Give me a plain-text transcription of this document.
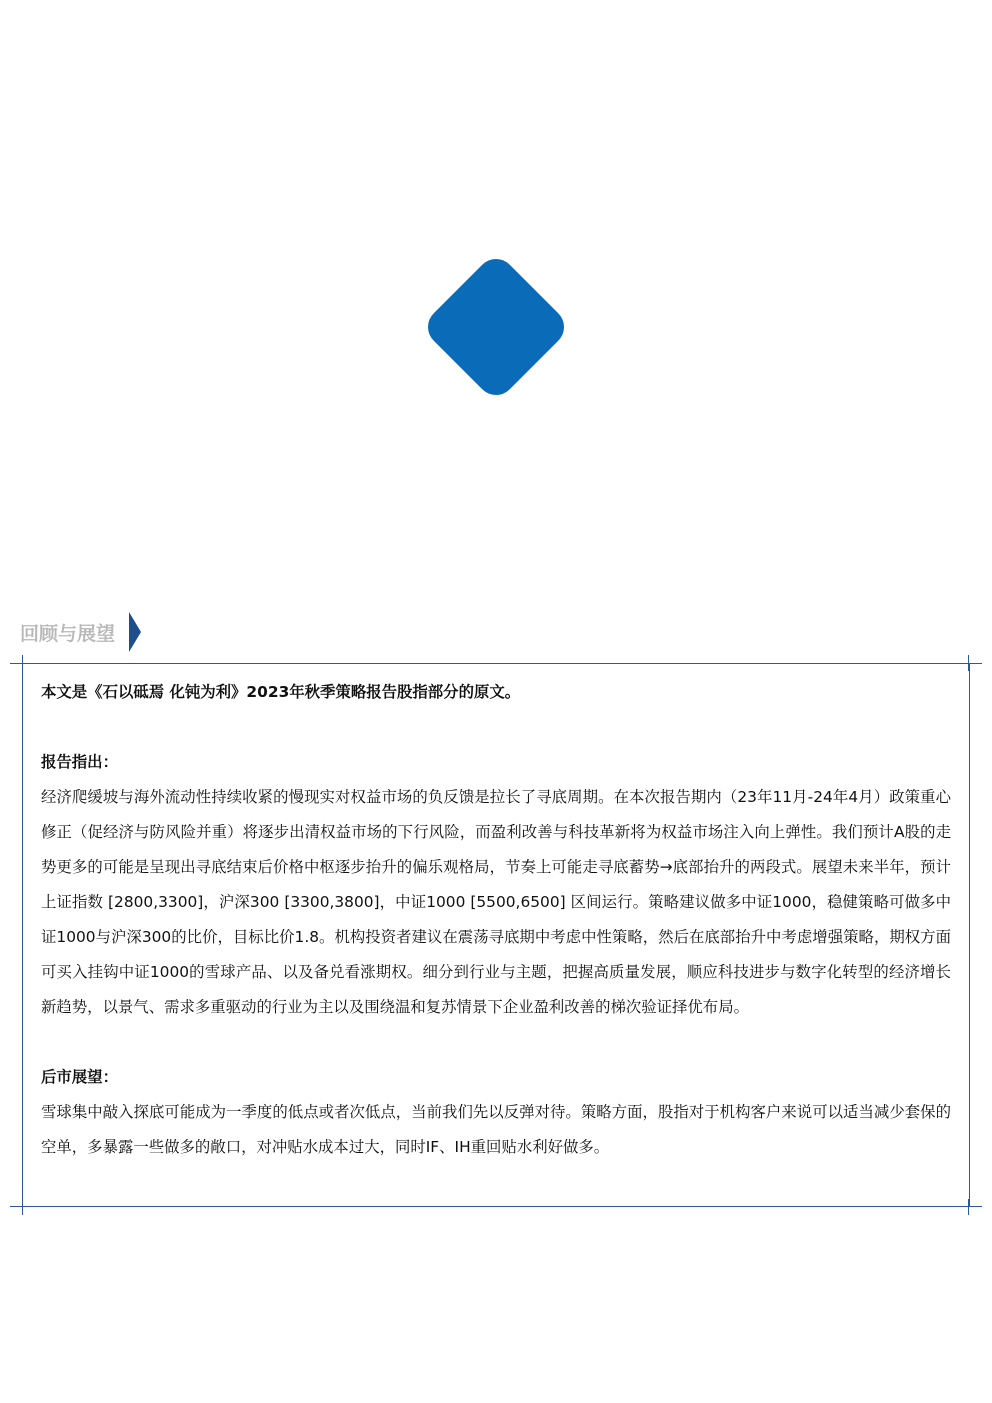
回顾与展望

本文是《石以砥焉 化钝为利》2023年秋季策略报告股指部分的原文。

报告指出：

经济爬缓坡与海外流动性持续收紧的慢现实对权益市场的负反馈是拉长了寻底周期。在本次报告期内（23年11月-24年4月）政策重心修正（促经济与防风险并重）将逐步出清权益市场的下行风险，而盈利改善与科技革新将为权益市场注入向上弹性。我们预计A股的走势更多的可能是呈现出寻底结束后价格中枢逐步抬升的偏乐观格局，节奏上可能走寻底蓄势→底部抬升的两段式。展望未来半年，预计上证指数 [2800,3300]，沪深300 [3300,3800]，中证1000 [5500,6500] 区间运行。策略建议做多中证1000，稳健策略可做多中证1000与沪深300的比价，目标比价1.8。机构投资者建议在震荡寻底期中考虑中性策略，然后在底部抬升中考虑增强策略，期权方面可买入挂钩中证1000的雪球产品、以及备兑看涨期权。细分到行业与主题，把握高质量发展，顺应科技进步与数字化转型的经济增长新趋势，以景气、需求多重驱动的行业为主以及围绕温和复苏情景下企业盈利改善的梯次验证择优布局。

后市展望：

雪球集中敲入探底可能成为一季度的低点或者次低点，当前我们先以反弹对待。策略方面，股指对于机构客户来说可以适当减少套保的空单，多暴露一些做多的敞口，对冲贴水成本过大，同时IF、IH重回贴水利好做多。
